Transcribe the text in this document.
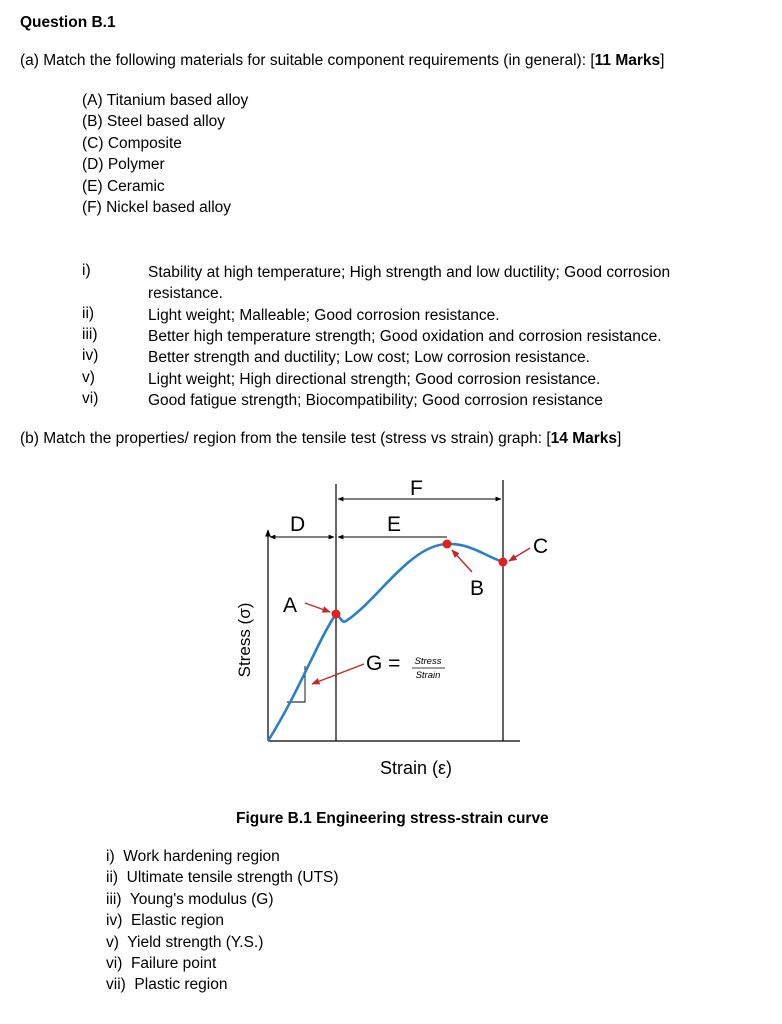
Question B.1
(a) Match the following materials for suitable component requirements (in general): [11 Marks]
(A) Titanium based alloy
(B) Steel based alloy
(C) Composite
(D) Polymer
(E) Ceramic
(F) Nickel based alloy
i)	Stability at high temperature; High strength and low ductility; Good corrosion resistance.
ii)	Light weight; Malleable; Good corrosion resistance.
iii)	Better high temperature strength; Good oxidation and corrosion resistance.
iv)	Better strength and ductility; Low cost; Low corrosion resistance.
v)	Light weight; High directional strength; Good corrosion resistance.
vi)	Good fatigue strength; Biocompatibility; Good corrosion resistance
(b) Match the properties/ region from the tensile test (stress vs strain) graph: [14 Marks]
A
B
C
D	E
F
G = Stress
Strain
Stress (σ)
Strain (ε)
Figure B.1 Engineering stress-strain curve
i)  Work hardening region
ii)  Ultimate tensile strength (UTS)
iii)  Young's modulus (G)
iv)  Elastic region
v)  Yield strength (Y.S.)
vi)  Failure point
vii)  Plastic region
